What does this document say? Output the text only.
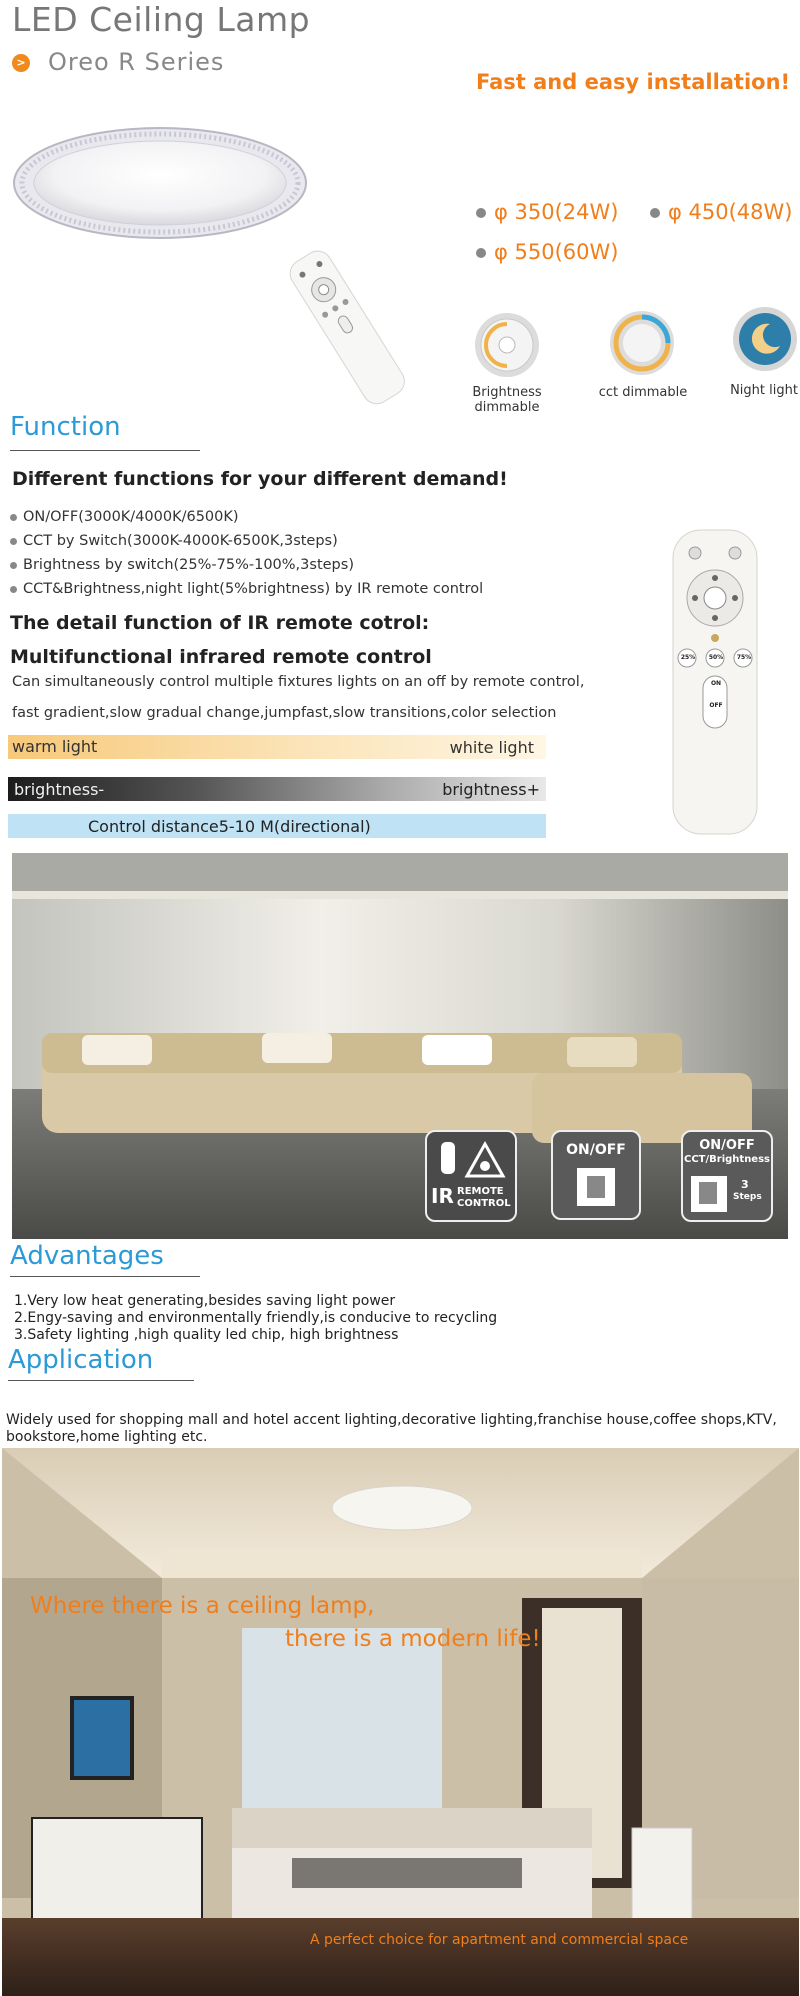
LED Ceiling Lamp
> Oreo R Series
Fast and easy installation!
φ 350(24W)	φ 450(48W)
φ 550(60W)
Brightness dimmable
cct dimmable	Night light
Function
Different functions for your different demand!
ON/OFF(3000K/4000K/6500K)
CCT by Switch(3000K-4000K-6500K,3steps)
Brightness by switch(25%-75%-100%,3steps)
CCT&Brightness,night light(5%brightness) by IR remote control
The detail function of IR remote cotrol:
Multifunctional infrared remote control
Can simultaneously control multiple fixtures lights on an off by remote control,
fast gradient,slow gradual change,jumpfast,slow transitions,color selection
warm light	white light
brightness-	brightness+
Control distance5-10 M(directional)
25%	50%	75%
ON
OFF
IR REMOTE
CONTROL
ON/OFF	ON/OFF
CCT/Brightness
3
Steps
Advantages
1.Very low heat generating,besides saving light power
2.Engy-saving and environmentally friendly,is conducive to recycling
3.Safety lighting ,high quality led chip, high brightness
Application
Widely used for shopping mall and hotel accent lighting,decorative lighting,franchise house,coffee shops,KTV, bookstore,home lighting etc.
Where there is a ceiling lamp,
there is a modern life!
A perfect choice for apartment and commercial space
